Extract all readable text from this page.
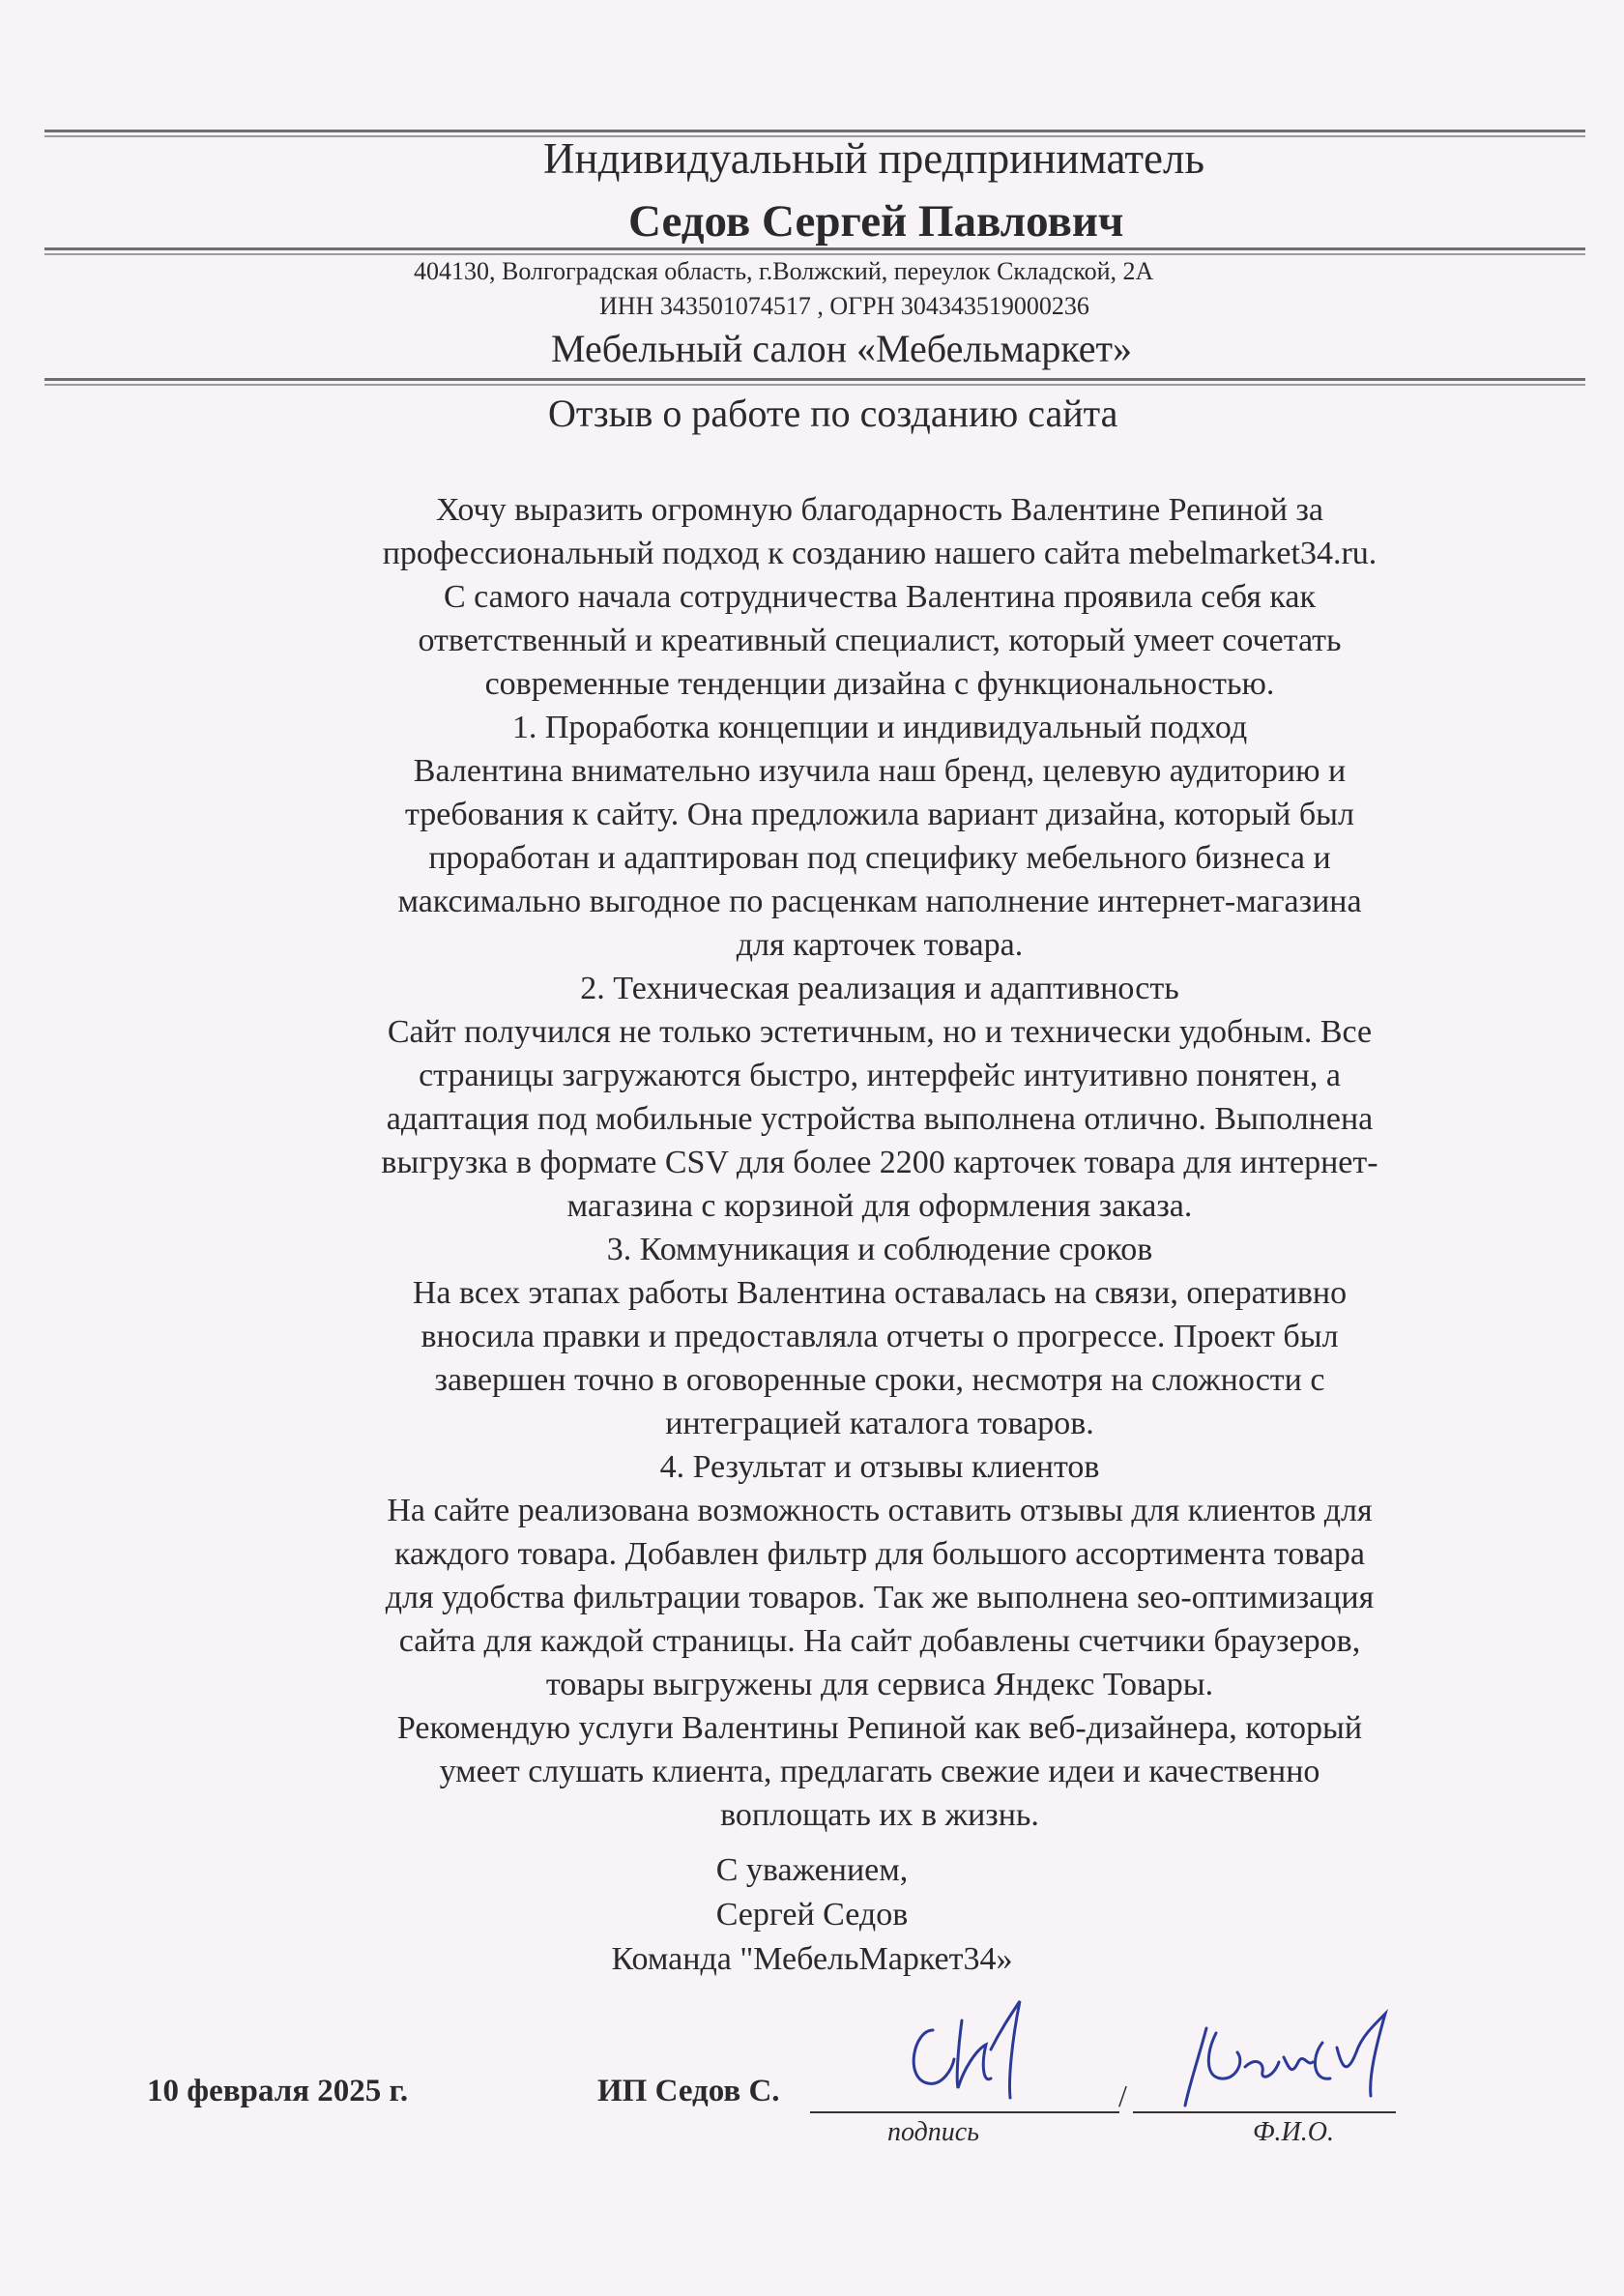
Индивидуальный предприниматель
Седов Сергей Павлович
404130, Волгоградская область, г.Волжский, переулок Складской, 2А
ИНН 343501074517 , ОГРН 304343519000236
Мебельный салон «Мебельмаркет»
Отзыв о работе по созданию сайта
Хочу выразить огромную благодарность Валентине Репиной за
профессиональный подход к созданию нашего сайта mebelmarket34.ru.
С самого начала сотрудничества Валентина проявила себя как
ответственный и креативный специалист, который умеет сочетать
современные тенденции дизайна с функциональностью.
1. Проработка концепции и индивидуальный подход
Валентина внимательно изучила наш бренд, целевую аудиторию и
требования к сайту. Она предложила вариант дизайна, который был
проработан и адаптирован под специфику мебельного бизнеса и
максимально выгодное по расценкам наполнение интернет-магазина
для карточек товара.
2. Техническая реализация и адаптивность
Сайт получился не только эстетичным, но и технически удобным. Все
страницы загружаются быстро, интерфейс интуитивно понятен, а
адаптация под мобильные устройства выполнена отлично. Выполнена
выгрузка в формате CSV для более 2200 карточек товара для интернет-
магазина с корзиной для оформления заказа.
3. Коммуникация и соблюдение сроков
На всех этапах работы Валентина оставалась на связи, оперативно
вносила правки и предоставляла отчеты о прогрессе. Проект был
завершен точно в оговоренные сроки, несмотря на сложности с
интеграцией каталога товаров.
4. Результат и отзывы клиентов
На сайте реализована возможность оставить отзывы для клиентов для
каждого товара. Добавлен фильтр для большого ассортимента товара
для удобства фильтрации товаров. Так же выполнена seo-оптимизация
сайта для каждой страницы. На сайт добавлены счетчики браузеров,
товары выгружены для сервиса Яндекс Товары.
Рекомендую услуги Валентины Репиной как веб-дизайнера, который
умеет слушать клиента, предлагать свежие идеи и качественно
воплощать их в жизнь.
С уважением,
Сергей Седов
Команда "МебельМаркет34»
10 февраля 2025 г.	ИП Седов С.	/
подпись	Ф.И.О.
